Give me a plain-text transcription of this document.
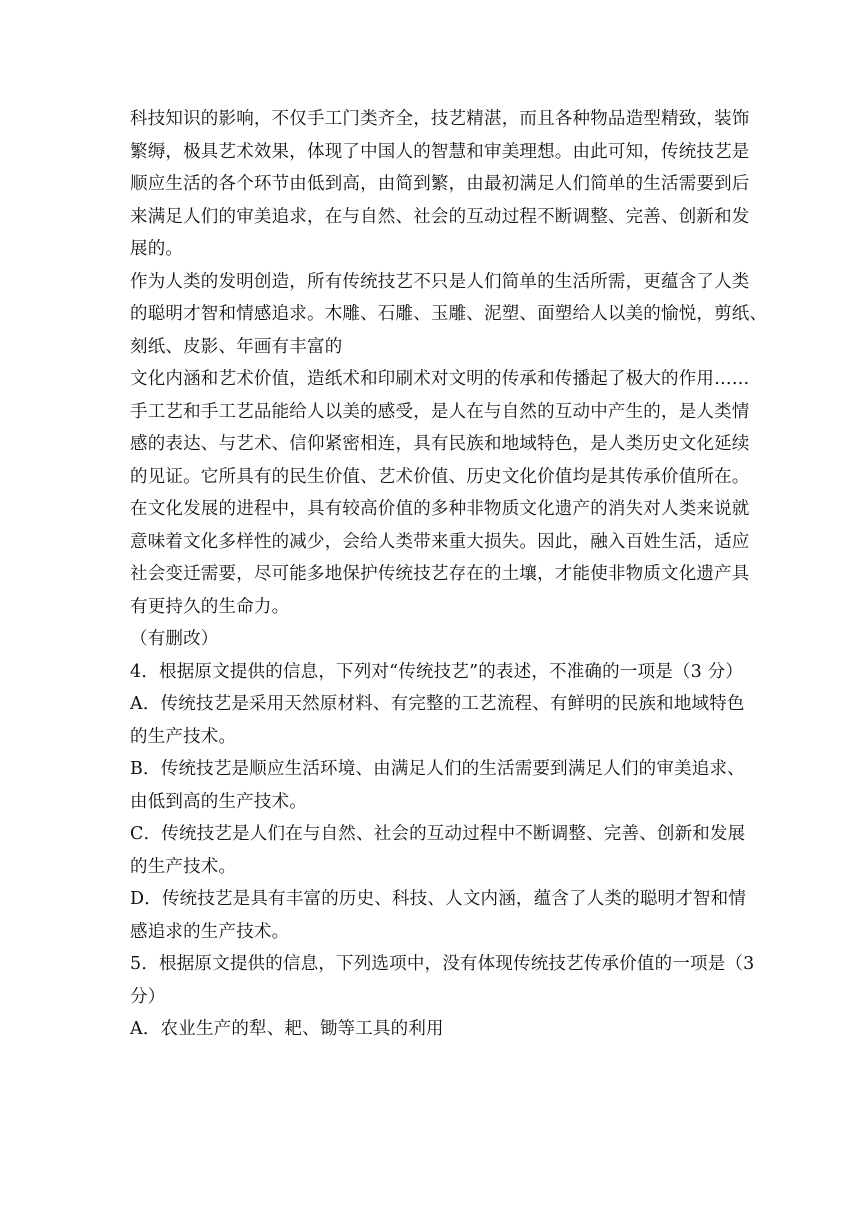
科技知识的影响，不仅手工门类齐全，技艺精湛，而且各种物品造型精致，装饰
繁缛，极具艺术效果，体现了中国人的智慧和审美理想。由此可知，传统技艺是
顺应生活的各个环节由低到高，由简到繁，由最初满足人们简单的生活需要到后
来满足人们的审美追求，在与自然、社会的互动过程不断调整、完善、创新和发
展的。
作为人类的发明创造，所有传统技艺不只是人们简单的生活所需，更蕴含了人类
的聪明才智和情感追求。木雕、石雕、玉雕、泥塑、面塑给人以美的愉悦，剪纸、
刻纸、皮影、年画有丰富的
文化内涵和艺术价值，造纸术和印刷术对文明的传承和传播起了极大的作用……
手工艺和手工艺品能给人以美的感受，是人在与自然的互动中产生的，是人类情
感的表达、与艺术、信仰紧密相连，具有民族和地域特色，是人类历史文化延续
的见证。它所具有的民生价值、艺术价值、历史文化价值均是其传承价值所在。
在文化发展的进程中，具有较高价值的多种非物质文化遗产的消失对人类来说就
意味着文化多样性的减少，会给人类带来重大损失。因此，融入百姓生活，适应
社会变迁需要，尽可能多地保护传统技艺存在的土壤，才能使非物质文化遗产具
有更持久的生命力。
（有删改）
4．根据原文提供的信息，下列对“传统技艺”的表述，不准确的一项是（3 分）
A．传统技艺是采用天然原材料、有完整的工艺流程、有鲜明的民族和地域特色
的生产技术。
B．传统技艺是顺应生活环境、由满足人们的生活需要到满足人们的审美追求、
由低到高的生产技术。
C．传统技艺是人们在与自然、社会的互动过程中不断调整、完善、创新和发展
的生产技术。
D．传统技艺是具有丰富的历史、科技、人文内涵，蕴含了人类的聪明才智和情
感追求的生产技术。
5．根据原文提供的信息，下列选项中，没有体现传统技艺传承价值的一项是（3
分）
A．农业生产的犁、耙、锄等工具的利用
